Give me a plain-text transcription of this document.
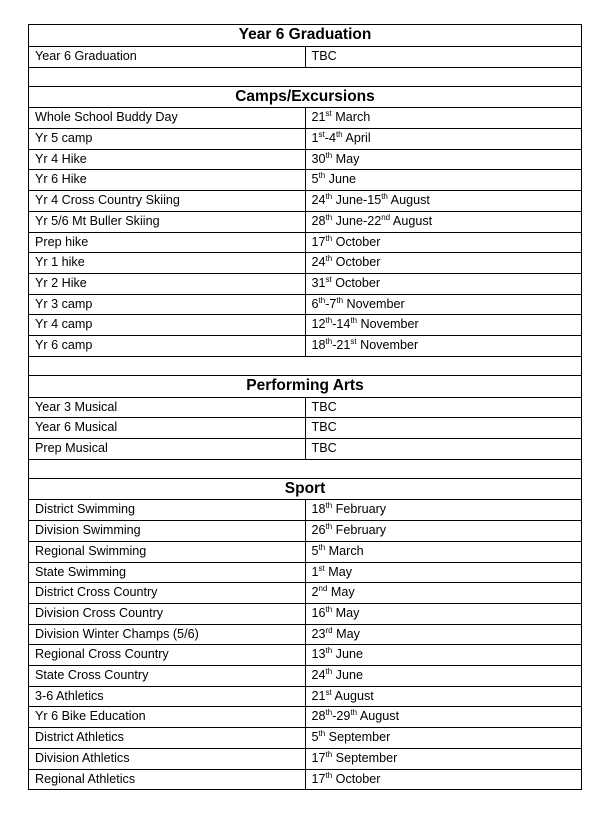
Year 6 Graduation	
Year 6 Graduation	TBC

Camps/Excursions	
Whole School Buddy Day	21st March
Yr 5 camp	1st-4th April
Yr 4 Hike	30th May
Yr 6 Hike	5th June
Yr 4 Cross Country Skiing	24th June-15th August
Yr 5/6 Mt Buller Skiing	28th June-22nd August
Prep hike	17th October
Yr 1 hike	24th October
Yr 2 Hike	31st October
Yr 3 camp	6th-7th November
Yr 4 camp	12th-14th November
Yr 6 camp	18th-21st November

Performing Arts	
Year 3 Musical	TBC
Year 6 Musical	TBC
Prep Musical	TBC

Sport	
District Swimming	18th February
Division Swimming	26th February
Regional Swimming	5th March
State Swimming	1st May
District Cross Country	2nd May
Division Cross Country	16th May
Division Winter Champs (5/6)	23rd May
Regional Cross Country	13th June
State Cross Country	24th June
3-6 Athletics	21st August
Yr 6 Bike Education	28th-29th August
District Athletics	5th September
Division Athletics	17th September
Regional Athletics	17th October
